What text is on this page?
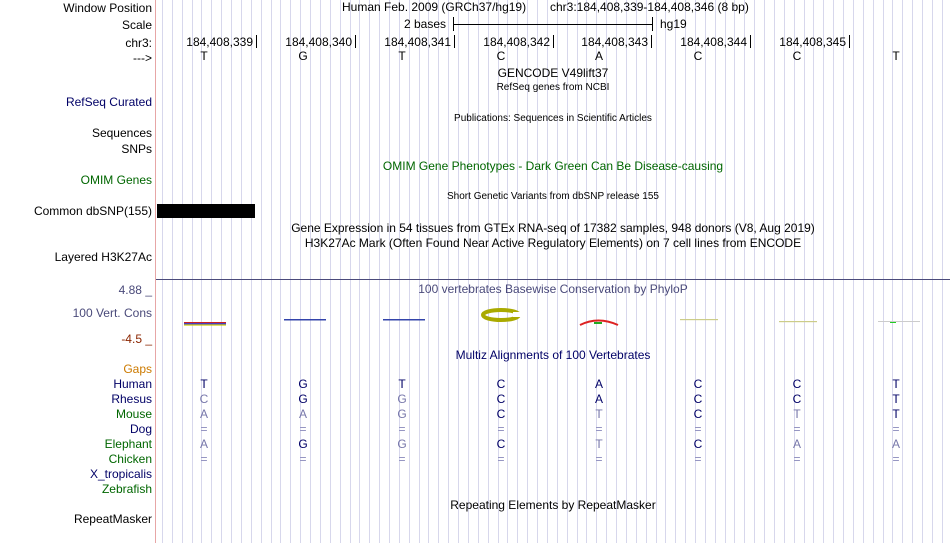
Window Position	Human Feb. 2009 (GRCh37/hg19) chr3:184,408,339-184,408,346 (8 bp)
Scale	2 bases	hg19
chr3:	184,408,339	184,408,340	184,408,341	184,408,342	184,408,343	184,408,344	184,408,345
--->	T	G	T	C	A	C	C	T
GENCODE V49lift37
RefSeq genes from NCBI
RefSeq Curated
Publications: Sequences in Scientific Articles
Sequences
SNPs
OMIM Gene Phenotypes - Dark Green Can Be Disease-causing
OMIM Genes
Short Genetic Variants from dbSNP release 155
Common dbSNP(155)
Gene Expression in 54 tissues from GTEx RNA-seq of 17382 samples, 948 donors (V8, Aug 2019)
H3K27Ac Mark (Often Found Near Active Regulatory Elements) on 7 cell lines from ENCODE
Layered H3K27Ac
4.88 _	100 vertebrates Basewise Conservation by PhyloP
100 Vert. Cons
-4.5 _
Multiz Alignments of 100 Vertebrates
Gaps
Human	T	G	T	C	A	C	C	T
Rhesus	C	G	G	C	A	C	C	T
Mouse	A	A	G	C	T	C	T	T
Dog	=	=	=	=	=	=	=	=
Elephant	A	G	G	C	T	C	A	A
Chicken	=	=	=	=	=	=	=	=
X_tropicalis
Zebrafish
Repeating Elements by RepeatMasker
RepeatMasker
